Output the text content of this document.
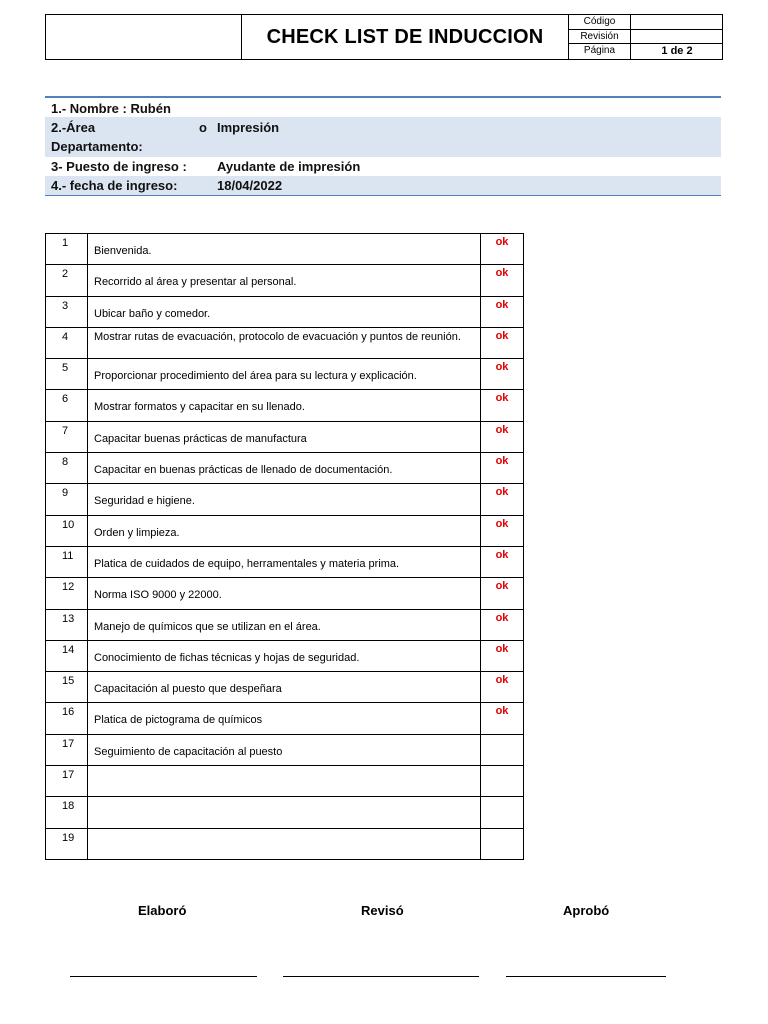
CHECK LIST DE INDUCCION
Código
Revisión
Página	1 de 2
1.- Nombre : Rubén
2.-Área
Departamento:
o Impresión
3- Puesto de ingreso :	Ayudante de impresión
4.- fecha de ingreso:	18/04/2022
1	Bienvenida.	ok
2	Recorrido al área y presentar al personal.	ok
3	Ubicar baño y comedor.	ok
4	Mostrar rutas de evacuación, protocolo de evacuación y puntos de reunión.	ok
5	Proporcionar procedimiento del área para su lectura y explicación.	ok
6	Mostrar formatos y capacitar en su llenado.	ok
7	Capacitar buenas prácticas de manufactura	ok
8	Capacitar en buenas prácticas de llenado de documentación.	ok
9	Seguridad e higiene.	ok
10	Orden y limpieza.	ok
11	Platica de cuidados de equipo, herramentales y materia prima.	ok
12	Norma ISO 9000 y 22000.	ok
13	Manejo de químicos que se utilizan en el área.	ok
14	Conocimiento de fichas técnicas y hojas de seguridad.	ok
15	Capacitación al puesto que despeñara	ok
16	Platica de pictograma de químicos	ok
17	Seguimiento de capacitación al puesto	
17		
18		
19		
Elaboró	Revisó	Aprobó
